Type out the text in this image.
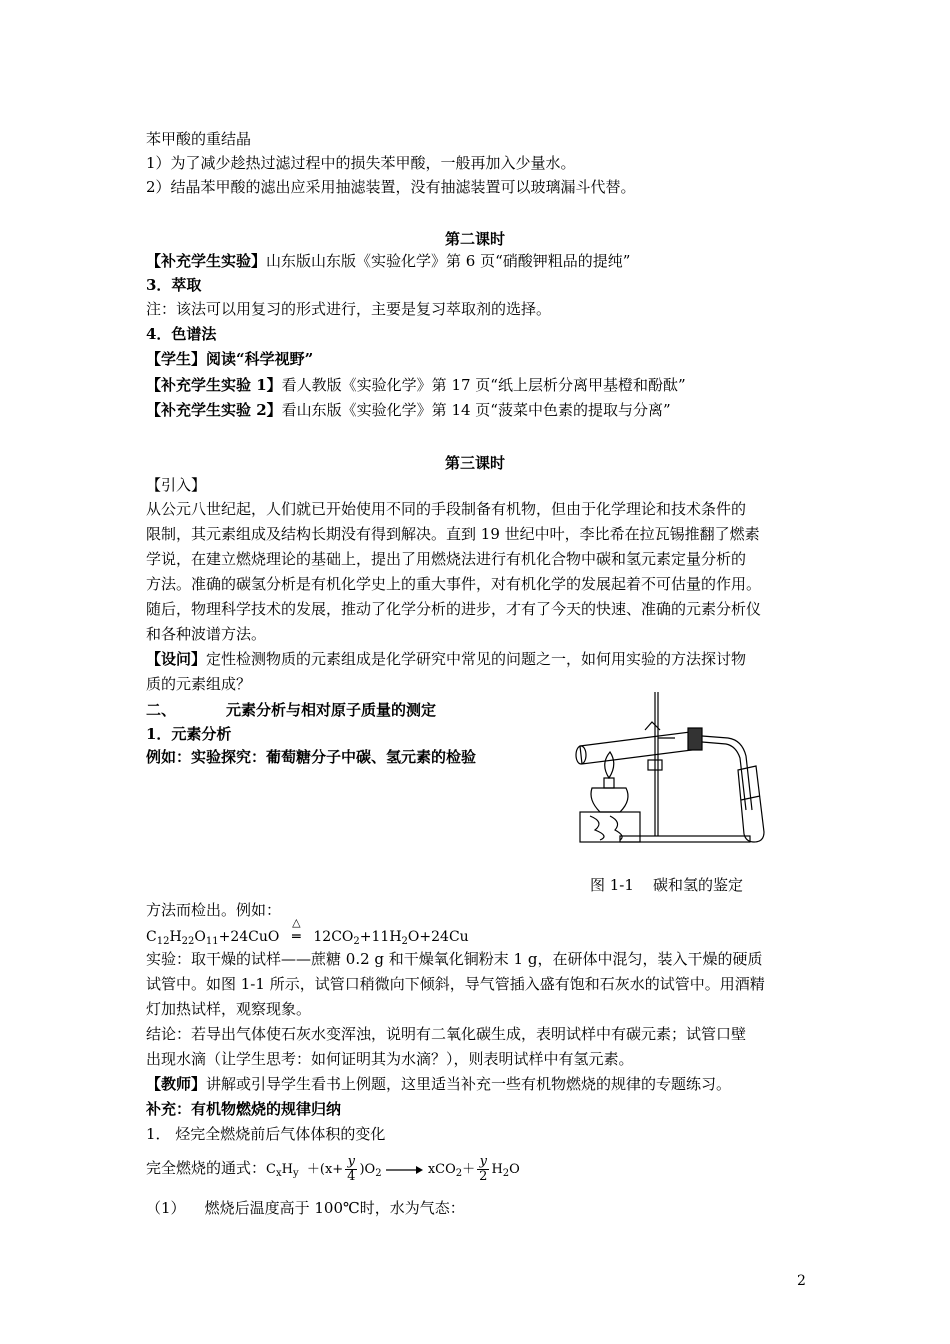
苯甲酸的重结晶
1）为了减少趁热过滤过程中的损失苯甲酸，一般再加入少量水。
2）结晶苯甲酸的滤出应采用抽滤装置，没有抽滤装置可以玻璃漏斗代替。
第二课时
【补充学生实验】山东版山东版《实验化学》第 6 页“硝酸钾粗品的提纯”
3．萃取
注：该法可以用复习的形式进行，主要是复习萃取剂的选择。
4．色谱法
【学生】阅读“科学视野”
【补充学生实验 1】看人教版《实验化学》第 17 页“纸上层析分离甲基橙和酚酞”
【补充学生实验 2】看山东版《实验化学》第 14 页“菠菜中色素的提取与分离”
第三课时
【引入】
从公元八世纪起，人们就已开始使用不同的手段制备有机物，但由于化学理论和技术条件的
限制，其元素组成及结构长期没有得到解决。直到 19 世纪中叶，李比希在拉瓦锡推翻了燃素
学说，在建立燃烧理论的基础上，提出了用燃烧法进行有机化合物中碳和氢元素定量分析的
方法。准确的碳氢分析是有机化学史上的重大事件，对有机化学的发展起着不可估量的作用。
随后，物理科学技术的发展，推动了化学分析的进步，才有了今天的快速、准确的元素分析仪
和各种波谱方法。
【设问】定性检测物质的元素组成是化学研究中常见的问题之一，如何用实验的方法探讨物
质的元素组成？
二、	元素分析与相对原子质量的测定
1．元素分析
例如：实验探究：葡萄糖分子中碳、氢元素的检验
图 1-1    碳和氢的鉴定
方法而检出。例如：
$C_{12}H_{22}O_{11}+24CuO$
△
═ $12CO_2+11H_2O+24Cu$
实验：取干燥的试样——蔗糖 0.2 g 和干燥氧化铜粉末 1 g，在研体中混匀，装入干燥的硬质
试管中。如图 1-1 所示，试管口稍微向下倾斜，导气管插入盛有饱和石灰水的试管中。用酒精
灯加热试样，观察现象。
结论：若导出气体使石灰水变浑浊，说明有二氧化碳生成，表明试样中有碳元素；试管口壁
出现水滴（让学生思考：如何证明其为水滴？），则表明试样中有氢元素。
【教师】讲解或引导学生看书上例题，这里适当补充一些有机物燃烧的规律的专题练习。
补充：有机物燃烧的规律归纳
1． 烃完全燃烧前后气体体积的变化
完全燃烧的通式：$C_xH_y +(x+ \frac{y}{4} )O_2 \to xCO_2+ \frac{y}{2} H_2O$
（1）    燃烧后温度高于 100℃时，水为气态：
2
